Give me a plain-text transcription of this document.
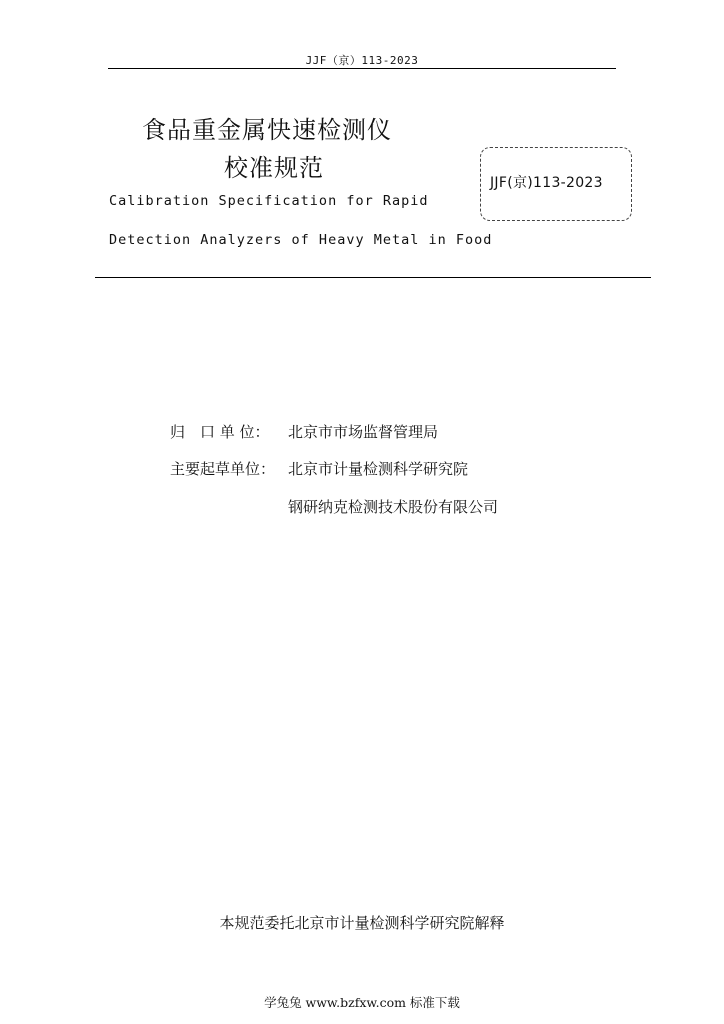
JJF（京）113-2023
食品重金属快速检测仪
校准规范
JJF(京)113-2023
Calibration Specification for Rapid
Detection Analyzers of Heavy Metal in Food
归　口 单 位： 北京市市场监督管理局
主要起草单位： 北京市计量检测科学研究院
钢研纳克检测技术股份有限公司
本规范委托北京市计量检测科学研究院解释
学兔兔 www.bzfxw.com 标准下载
